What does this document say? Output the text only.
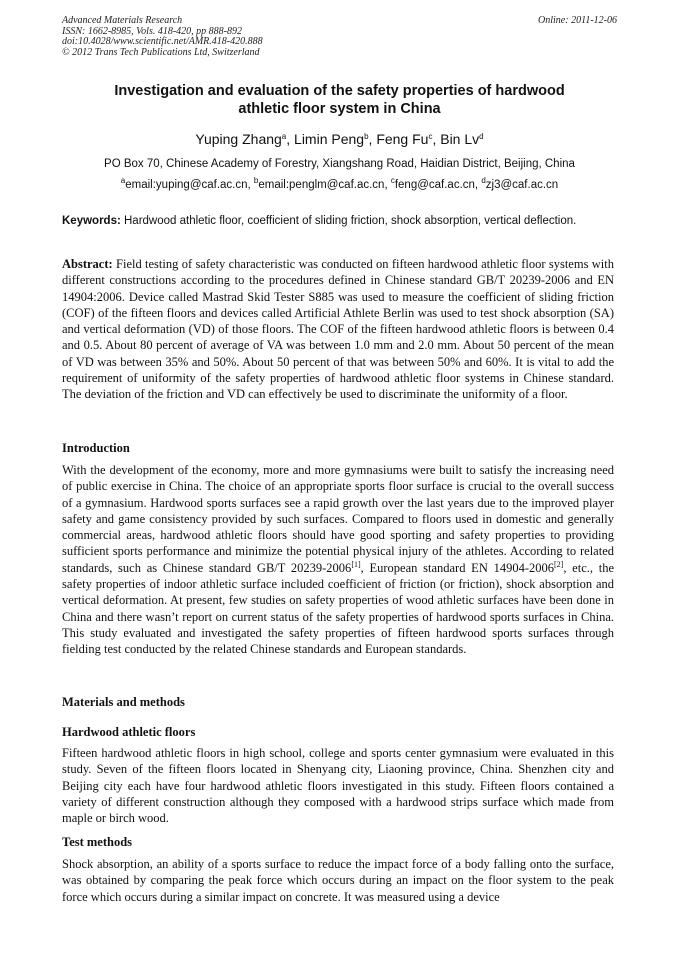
Advanced Materials Research
ISSN: 1662-8985, Vols. 418-420, pp 888-892
doi:10.4028/www.scientific.net/AMR.418-420.888
© 2012 Trans Tech Publications Ltd, Switzerland
Online: 2011-12-06
Investigation and evaluation of the safety properties of hardwood
athletic floor system in China
Yuping Zhang$^a$, Limin Peng$^b$, Feng Fu$^c$, Bin Lv$^d$
PO Box 70, Chinese Academy of Forestry, Xiangshang Road, Haidian District, Beijing, China
$^a$email:yuping@caf.ac.cn, $^b$email:penglm@caf.ac.cn, $^c$feng@caf.ac.cn, $^d$zj3@caf.ac.cn
Keywords: Hardwood athletic floor, coefficient of sliding friction, shock absorption, vertical deflection.
Abstract: Field testing of safety characteristic was conducted on fifteen hardwood athletic floor systems with different constructions according to the procedures defined in Chinese standard GB/T 20239-2006 and EN 14904:2006. Device called Mastrad Skid Tester S885 was used to measure the coefficient of sliding friction (COF) of the fifteen floors and devices called Artificial Athlete Berlin was used to test shock absorption (SA) and vertical deformation (VD) of those floors. The COF of the fifteen hardwood athletic floors is between 0.4 and 0.5. About 80 percent of average of VA was between 1.0 mm and 2.0 mm. About 50 percent of the mean of VD was between 35% and 50%. About 50 percent of that was between 50% and 60%. It is vital to add the requirement of uniformity of the safety properties of hardwood athletic floor systems in Chinese standard. The deviation of the friction and VD can effectively be used to discriminate the uniformity of a floor.
Introduction
With the development of the economy, more and more gymnasiums were built to satisfy the increasing need of public exercise in China. The choice of an appropriate sports floor surface is crucial to the overall success of a gymnasium. Hardwood sports surfaces see a rapid growth over the last years due to the improved player safety and game consistency provided by such surfaces. Compared to floors used in domestic and generally commercial areas, hardwood athletic floors should have good sporting and safety properties to providing sufficient sports performance and minimize the potential physical injury of the athletes. According to related standards, such as Chinese standard GB/T 20239-2006[1], European standard EN 14904-2006[2], etc., the safety properties of indoor athletic surface included coefficient of friction (or friction), shock absorption and vertical deformation. At present, few studies on safety properties of wood athletic surfaces have been done in China and there wasn’t report on current status of the safety properties of hardwood sports surfaces in China. This study evaluated and investigated the safety properties of fifteen hardwood sports surfaces through fielding test conducted by the related Chinese standards and European standards.
Materials and methods
Hardwood athletic floors
Fifteen hardwood athletic floors in high school, college and sports center gymnasium were evaluated in this study. Seven of the fifteen floors located in Shenyang city, Liaoning province, China. Shenzhen city and Beijing city each have four hardwood athletic floors investigated in this study. Fifteen floors contained a variety of different construction although they composed with a hardwood strips surface which made from maple or birch wood.
Test methods
Shock absorption, an ability of a sports surface to reduce the impact force of a body falling onto the surface, was obtained by comparing the peak force which occurs during an impact on the floor system to the peak force which occurs during a similar impact on concrete. It was measured using a device
